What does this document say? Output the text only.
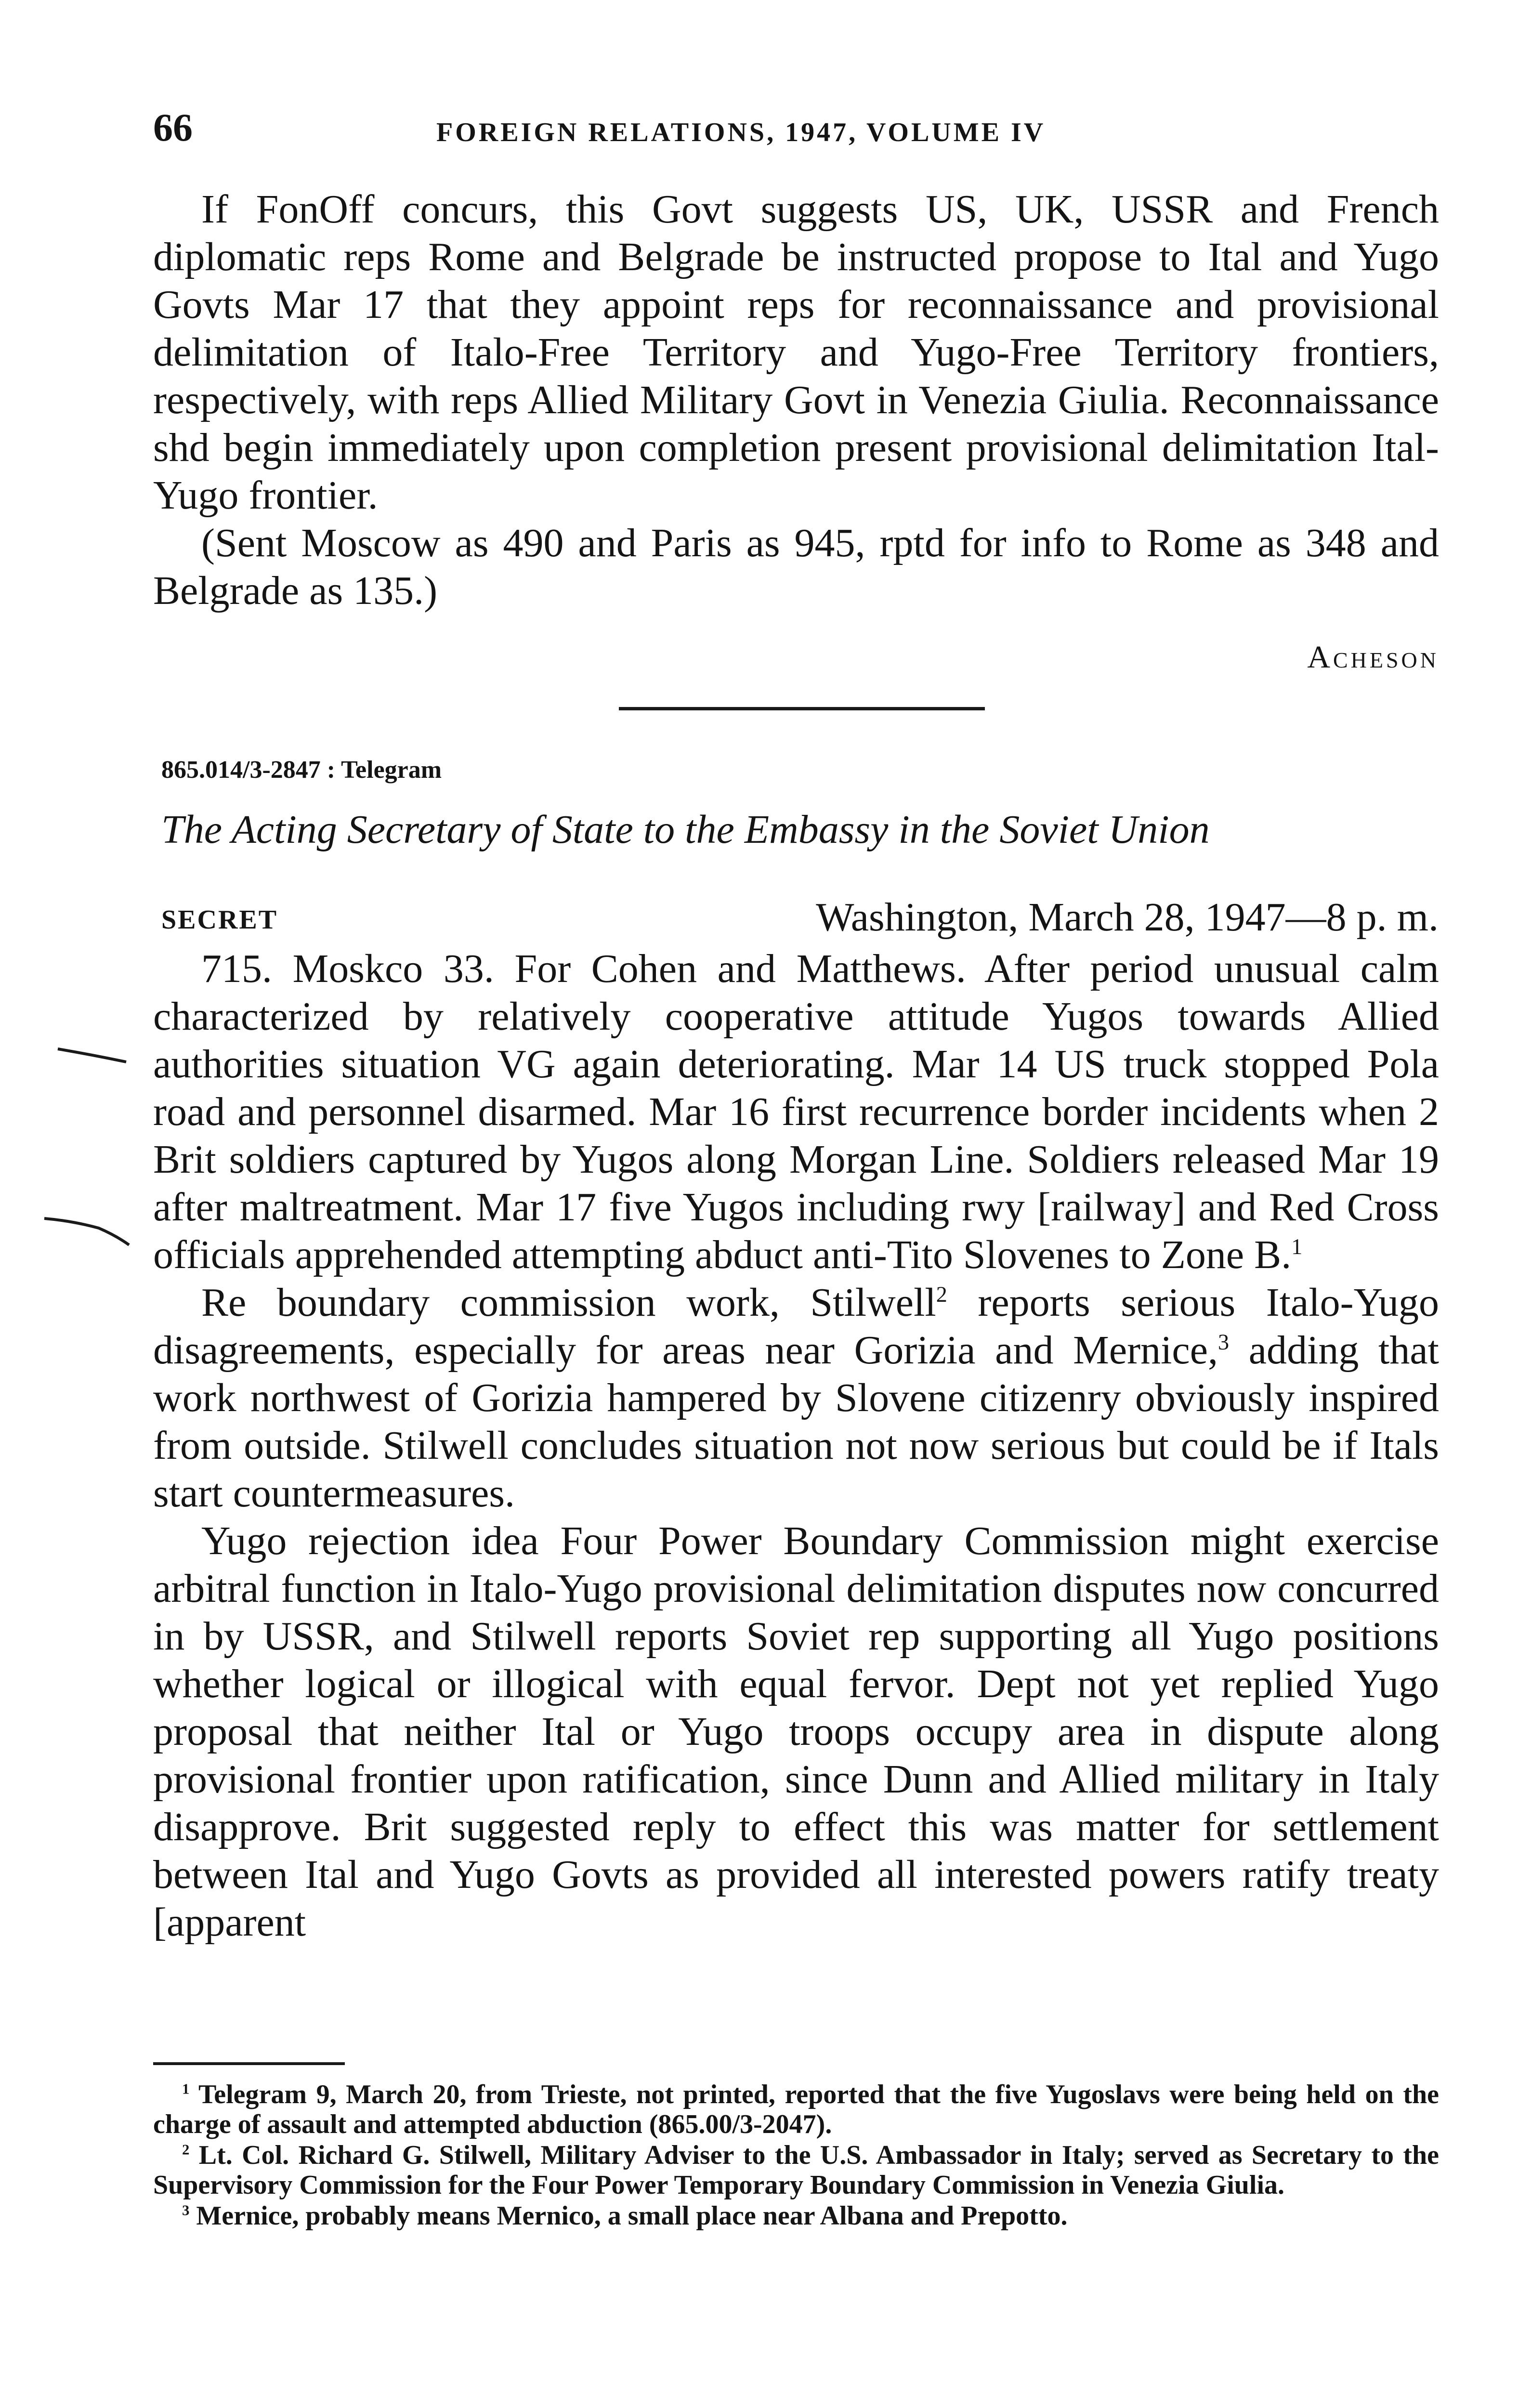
66	FOREIGN RELATIONS, 1947, VOLUME IV

If FonOff concurs, this Govt suggests US, UK, USSR and French diplomatic reps Rome and Belgrade be instructed propose to Ital and Yugo Govts Mar 17 that they appoint reps for reconnaissance and provisional delimitation of Italo-Free Territory and Yugo-Free Territory frontiers, respectively, with reps Allied Military Govt in Venezia Giulia. Reconnaissance shd begin immediately upon completion present provisional delimitation Ital-Yugo frontier.

(Sent Moscow as 490 and Paris as 945, rptd for info to Rome as 348 and Belgrade as 135.)

Acheson
865.014/3-2847 : Telegram
The Acting Secretary of State to the Embassy in the Soviet Union
SECRET	Washington, March 28, 1947—8 p. m.

715. Moskco 33. For Cohen and Matthews. After period unusual calm characterized by relatively cooperative attitude Yugos towards Allied authorities situation VG again deteriorating. Mar 14 US truck stopped Pola road and personnel disarmed. Mar 16 first recurrence border incidents when 2 Brit soldiers captured by Yugos along Morgan Line. Soldiers released Mar 19 after maltreatment. Mar 17 five Yugos including rwy [railway] and Red Cross officials apprehended attempting abduct anti-Tito Slovenes to Zone B.$^1$

Re boundary commission work, Stilwell$^2$ reports serious Italo-Yugo disagreements, especially for areas near Gorizia and Mernice,$^3$ adding that work northwest of Gorizia hampered by Slovene citizenry obviously inspired from outside. Stilwell concludes situation not now serious but could be if Itals start countermeasures.

Yugo rejection idea Four Power Boundary Commission might exercise arbitral function in Italo-Yugo provisional delimitation disputes now concurred in by USSR, and Stilwell reports Soviet rep supporting all Yugo positions whether logical or illogical with equal fervor. Dept not yet replied Yugo proposal that neither Ital or Yugo troops occupy area in dispute along provisional frontier upon ratification, since Dunn and Allied military in Italy disapprove. Brit suggested reply to effect this was matter for settlement between Ital and Yugo Govts as provided all interested powers ratify treaty [apparent

$^1$ Telegram 9, March 20, from Trieste, not printed, reported that the five Yugoslavs were being held on the charge of assault and attempted abduction (865.00/3-2047).

$^2$ Lt. Col. Richard G. Stilwell, Military Adviser to the U.S. Ambassador in Italy; served as Secretary to the Supervisory Commission for the Four Power Temporary Boundary Commission in Venezia Giulia.

$^3$ Mernice, probably means Mernico, a small place near Albana and Prepotto.
